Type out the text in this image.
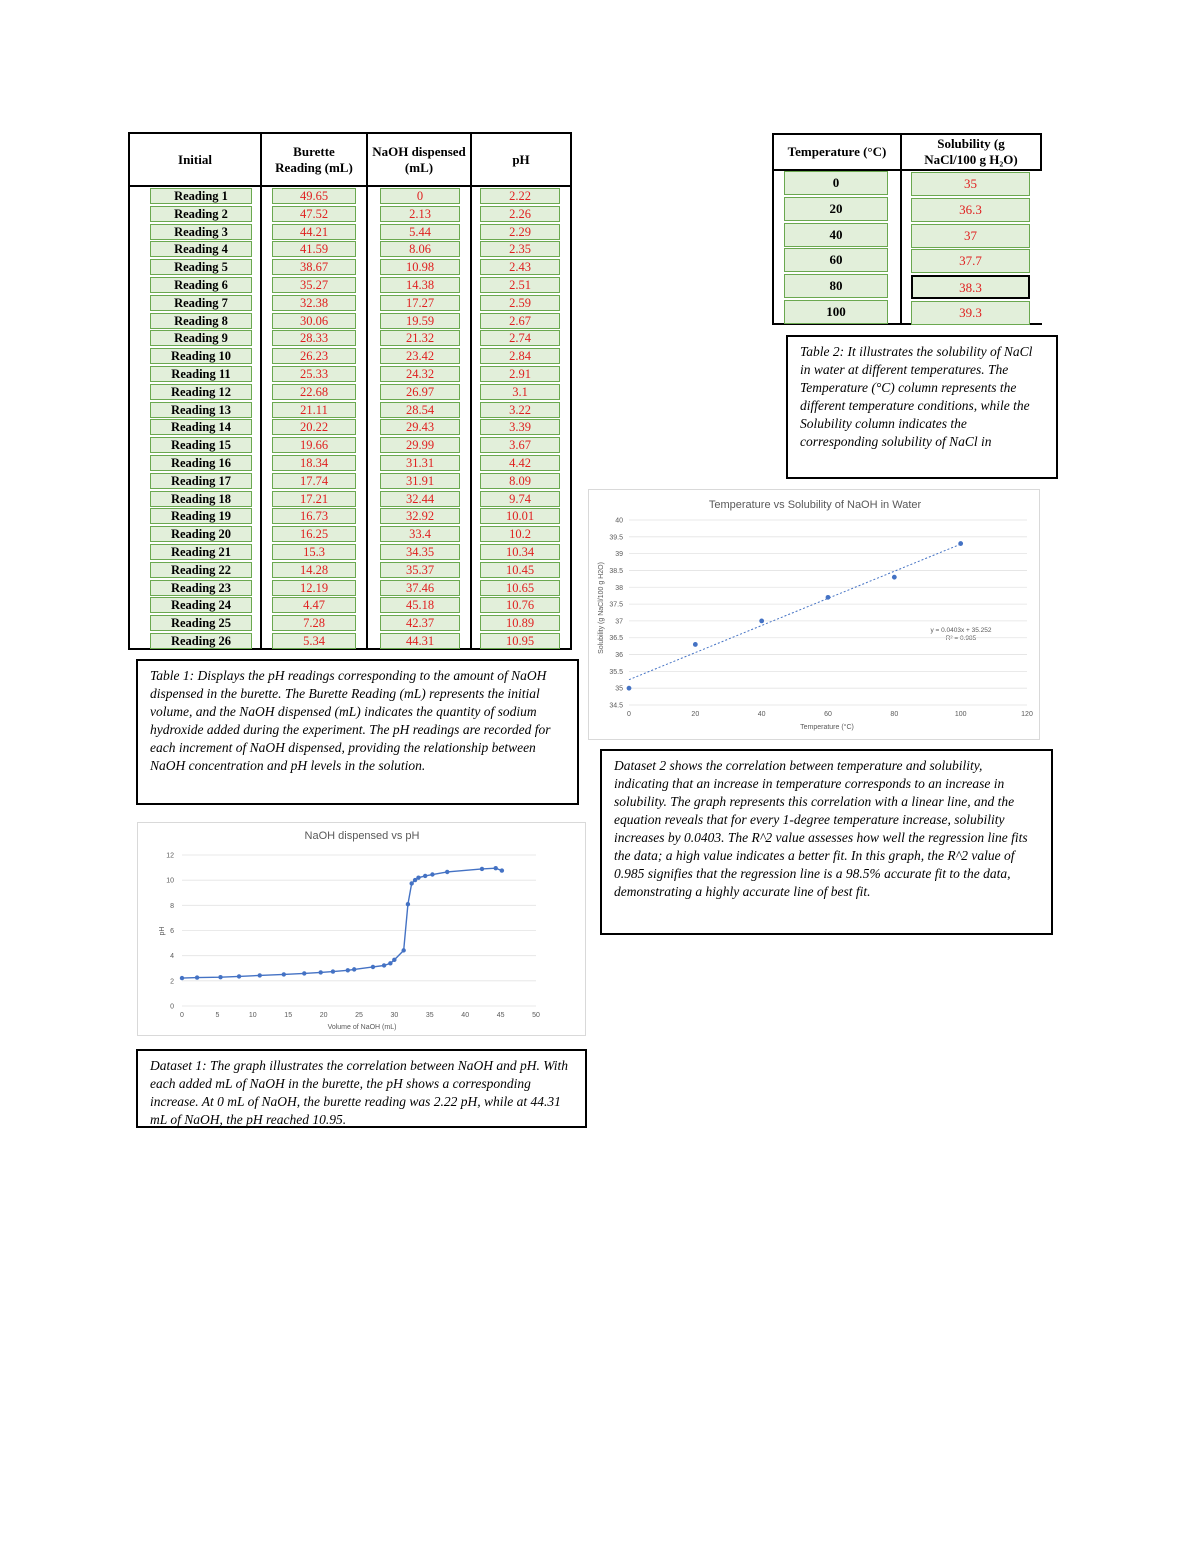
Initial
Burette Reading (mL)
NaOH dispensed (mL)
pH
Reading 1	49.65	0	2.22
Reading 2	47.52	2.13	2.26
Reading 3	44.21	5.44	2.29
Reading 4	41.59	8.06	2.35
Reading 5	38.67	10.98	2.43
Reading 6	35.27	14.38	2.51
Reading 7	32.38	17.27	2.59
Reading 8	30.06	19.59	2.67
Reading 9	28.33	21.32	2.74
Reading 10	26.23	23.42	2.84
Reading 11	25.33	24.32	2.91
Reading 12	22.68	26.97	3.1
Reading 13	21.11	28.54	3.22
Reading 14	20.22	29.43	3.39
Reading 15	19.66	29.99	3.67
Reading 16	18.34	31.31	4.42
Reading 17	17.74	31.91	8.09
Reading 18	17.21	32.44	9.74
Reading 19	16.73	32.92	10.01
Reading 20	16.25	33.4	10.2
Reading 21	15.3	34.35	10.34
Reading 22	14.28	35.37	10.45
Reading 23	12.19	37.46	10.65
Reading 24	4.47	45.18	10.76
Reading 25	7.28	42.37	10.89
Reading 26	5.34	44.31	10.95
Table 1: Displays the pH readings corresponding to the amount of NaOH dispensed in the burette. The Burette Reading (mL) represents the initial volume, and the NaOH dispensed (mL) indicates the quantity of sodium hydroxide added during the experiment. The pH readings are recorded for each increment of NaOH dispensed, providing the relationship between NaOH concentration and pH levels in the solution.
NaOH dispensed vs pH
Volume of NaOH (mL)
pH
0
2
4
6
8
10
12
0	5	10	15	20	25	30	35	40	45	50
Dataset 1: The graph illustrates the correlation between NaOH and pH. With each added mL of NaOH in the burette, the pH shows a corresponding increase. At 0 mL of NaOH, the burette reading was 2.22 pH, while at 44.31 mL of NaOH, the pH reached 10.95.
Temperature (°C)
Solubility (g NaCl/100 g H₂O)
0	35
20	36.3
40	37
60	37.7
80	38.3
100	39.3
Table 2: It illustrates the solubility of NaCl in water at different temperatures. The Temperature (°C) column represents the different temperature conditions, while the Solubility column indicates the corresponding solubility of NaCl in
Temperature vs Solubility of NaOH in Water
Temperature (°C)
Solubility (g NaCl/100 g H2O)	y = 0.0403x + 35.252
R² = 0.985
34.5
35
35.5
36
36.5
37
37.5
38
38.5
39
39.5
40
0	20	40	60	80	100	120
Dataset 2 shows the correlation between temperature and solubility, indicating that an increase in temperature corresponds to an increase in solubility. The graph represents this correlation with a linear line, and the equation reveals that for every 1-degree temperature increase, solubility increases by 0.0403. The R^2 value assesses how well the regression line fits the data; a high value indicates a better fit. In this graph, the R^2 value of 0.985 signifies that the regression line is a 98.5% accurate fit to the data, demonstrating a highly accurate line of best fit.
